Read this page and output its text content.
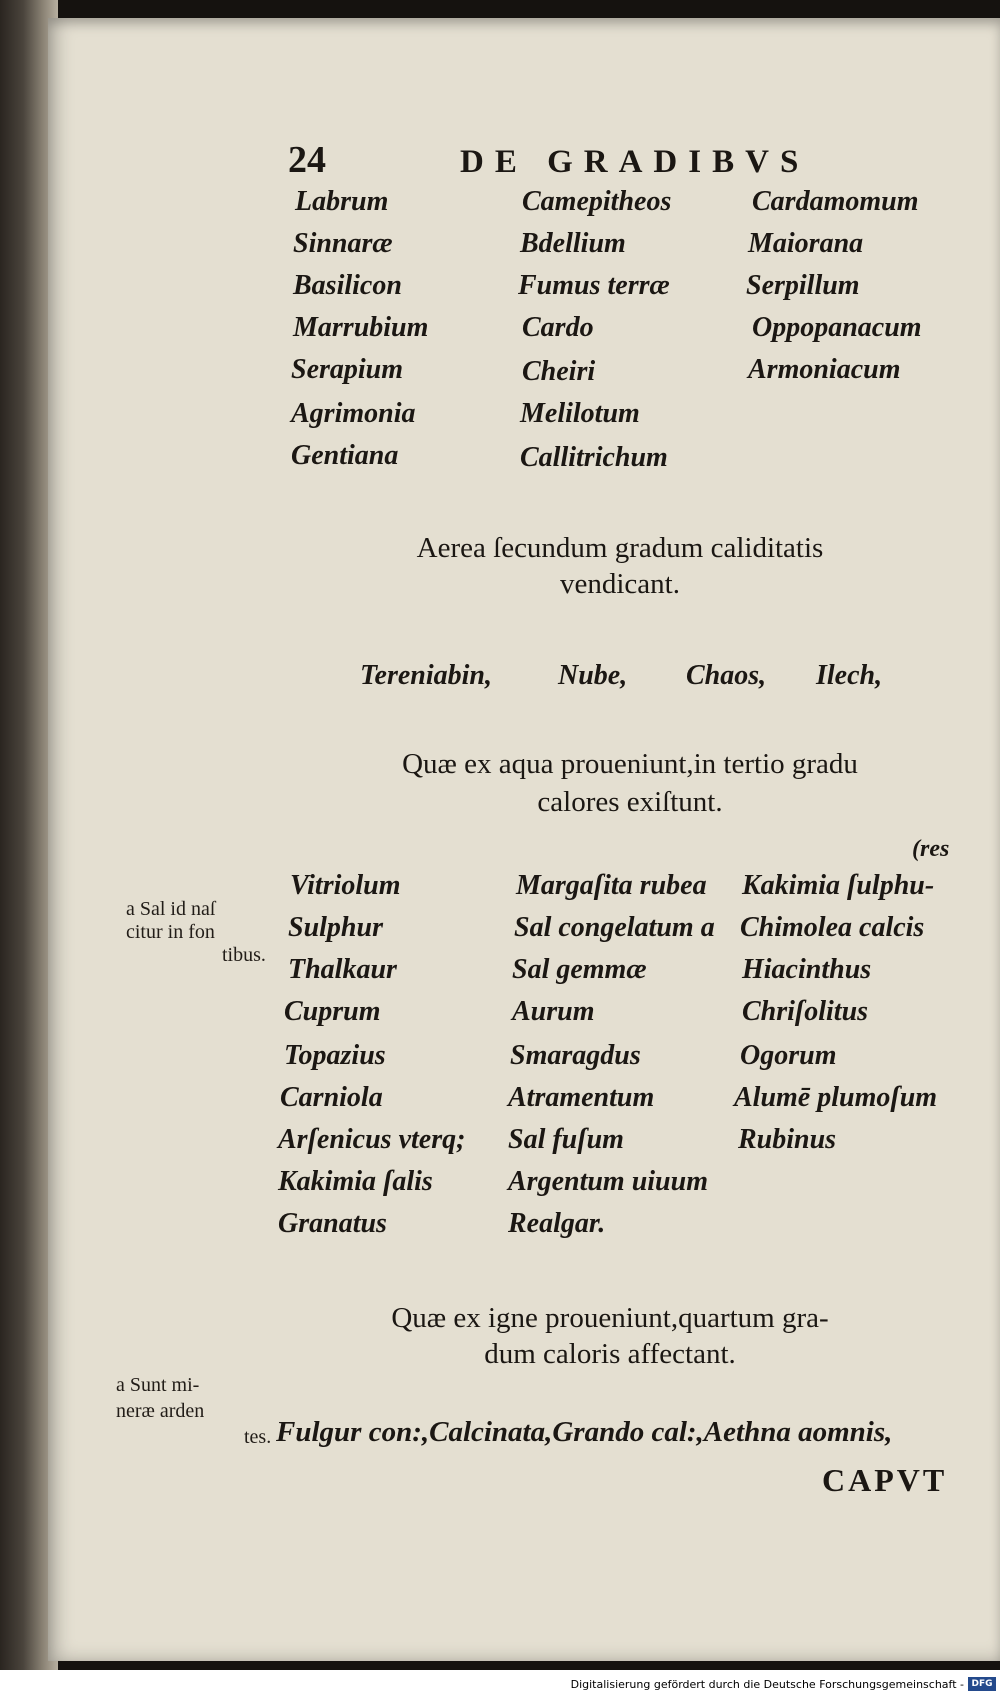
24	DE GRADIBVS
Labrum
Sinnaræ
Basilicon
Marrubium
Serapium
Agrimonia
Gentiana
Camepitheos
Bdellium
Fumus terræ
Cardo
Cheiri
Melilotum
Callitrichum
Cardamomum
Maiorana
Serpillum
Oppopanacum
Armoniacum
Aerea ſecundum gradum caliditatis
vendicant.
Tereniabin, Nube, Chaos, Ilech,
Quæ ex aqua proueniunt,in tertio gradu
calores exiſtunt.
(res
a Sal id naſ
citur in fon
tibus.
Vitriolum
Sulphur
Thalkaur
Cuprum
Topazius
Carniola
Arſenicus vterq;
Kakimia ſalis
Granatus
Margaſita rubea
Sal congelatum a
Sal gemmæ
Aurum
Smaragdus
Atramentum
Sal fuſum
Argentum uiuum
Realgar.
Kakimia ſulphu-
Chimolea calcis
Hiacinthus
Chriſolitus
Ogorum
Alumē plumoſum
Rubinus
Quæ ex igne proueniunt,quartum gra-
dum caloris affectant.
a Sunt mi-
neræ arden
tes. Fulgur con:,Calcinata,Grando cal:,Aethna aomnis,
CAPVT
Digitalisierung gefördert durch die Deutsche Forschungsgemeinschaft - DFG
